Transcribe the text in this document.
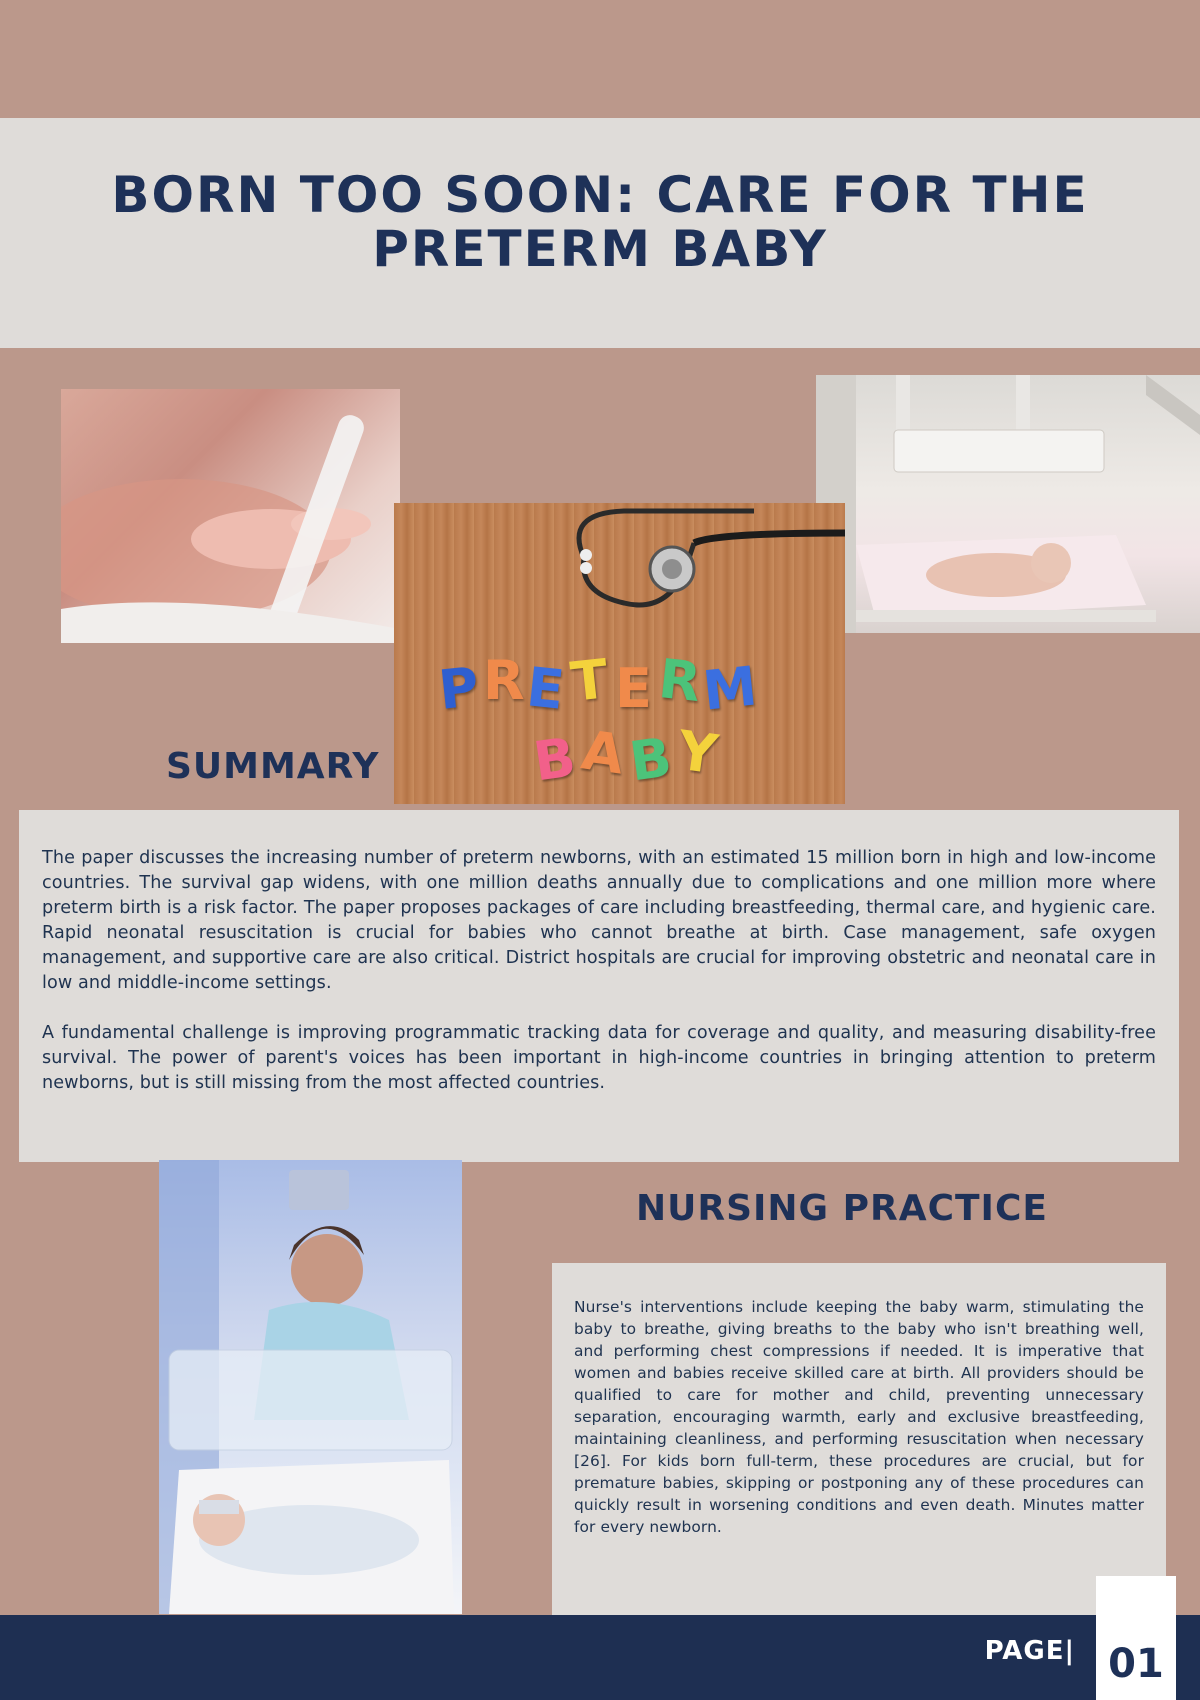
BORN TOO SOON: CARE FOR THE PRETERM BABY
P R E T E R
M
B
A
B
Y
SUMMARY

The paper discusses the increasing number of preterm newborns, with an estimated 15 million born in high and low-income countries. The survival gap widens, with one million deaths annually due to complications and one million more where preterm birth is a risk factor. The paper proposes packages of care including breastfeeding, thermal care, and hygienic care. Rapid neonatal resuscitation is crucial for babies who cannot breathe at birth. Case management, safe oxygen management, and supportive care are also critical. District hospitals are crucial for improving obstetric and neonatal care in low and middle-income settings.

A fundamental challenge is improving programmatic tracking data for coverage and quality, and measuring disability-free survival. The power of parent's voices has been important in high-income countries in bringing attention to preterm newborns, but is still missing from the most affected countries.

NURSING PRACTICE

Nurse's interventions include keeping the baby warm, stimulating the baby to breathe, giving breaths to the baby who isn't breathing well, and performing chest compressions if needed. It is imperative that women and babies receive skilled care at birth. All providers should be qualified to care for mother and child, preventing unnecessary separation, encouraging warmth, early and exclusive breastfeeding, maintaining cleanliness, and performing resuscitation when necessary [26]. For kids born full-term, these procedures are crucial, but for premature babies, skipping or postponing any of these procedures can quickly result in worsening conditions and even death. Minutes matter for every newborn.

PAGE| 01
